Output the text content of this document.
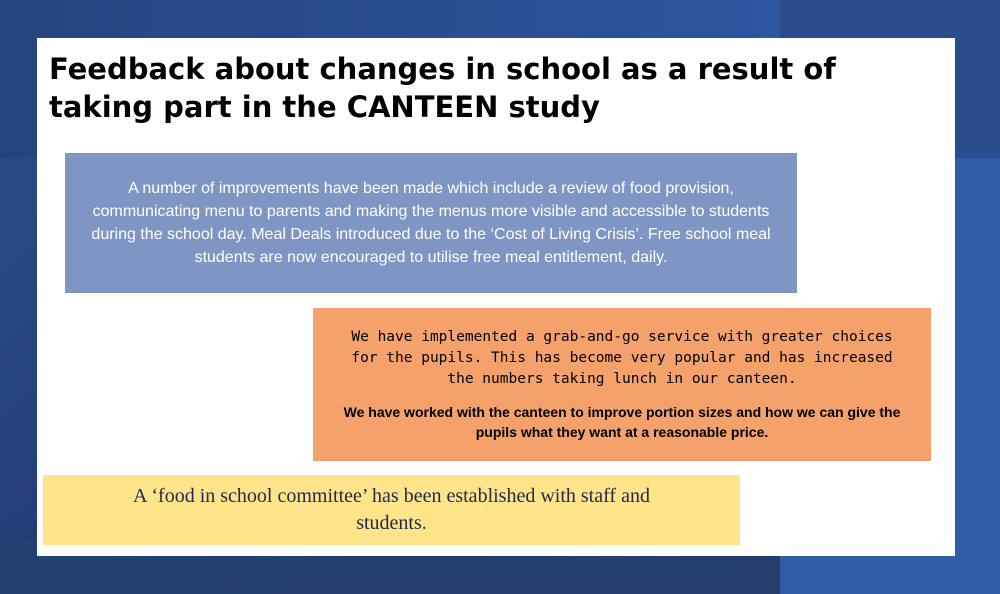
Feedback about changes in school as a result of taking part in the CANTEEN study

A number of improvements have been made which include a review of food provision, communicating menu to parents and making the menus more visible and accessible to students during the school day. Meal Deals introduced due to the ‘Cost of Living Crisis’. Free school meal students are now encouraged to utilise free meal entitlement, daily.

We have implemented a grab-and-go service with greater choices for the pupils. This has become very popular and has increased the numbers taking lunch in our canteen.

We have worked with the canteen to improve portion sizes and how we can give the pupils what they want at a reasonable price.

A ‘food in school committee’ has been established with staff and students.
